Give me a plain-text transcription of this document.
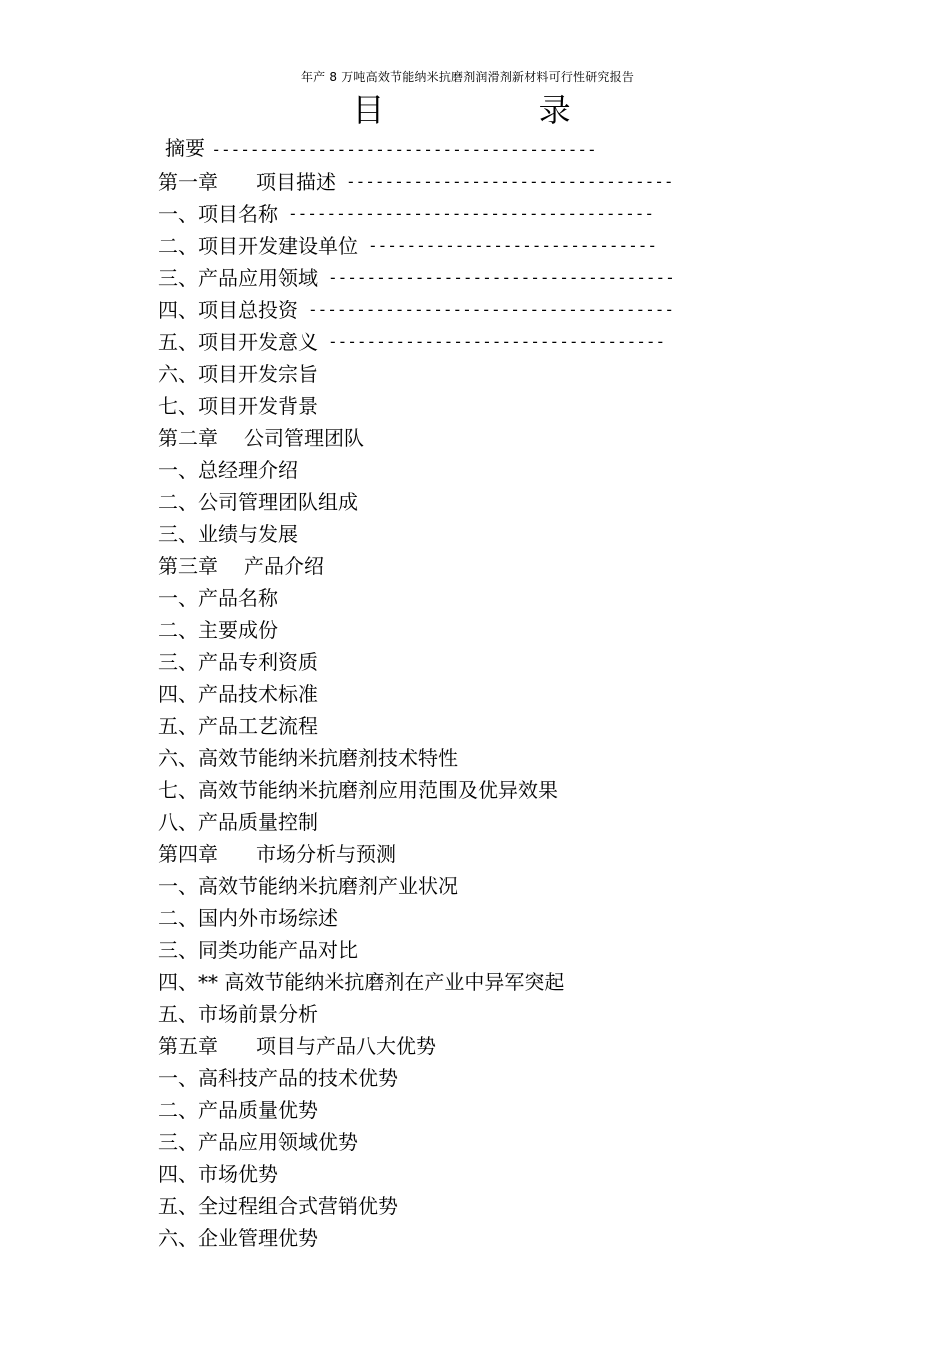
年产 8 万吨高效节能纳米抗磨剂润滑剂新材料可行性研究报告
目 录
摘要 ----------------------------------------
第一章 项目描述 ----------------------------------
一、项目名称 --------------------------------------
二、项目开发建设单位 ------------------------------
三、产品应用领域 ------------------------------------
四、项目总投资 --------------------------------------
五、项目开发意义 -----------------------------------
六、项目开发宗旨
七、项目开发背景
第二章 公司管理团队
一、总经理介绍
二、公司管理团队组成
三、业绩与发展
第三章 产品介绍
一、产品名称
二、主要成份
三、产品专利资质
四、产品技术标准
五、产品工艺流程
六、高效节能纳米抗磨剂技术特性
七、高效节能纳米抗磨剂应用范围及优异效果
八、产品质量控制
第四章 市场分析与预测
一、高效节能纳米抗磨剂产业状况
二、国内外市场综述
三、同类功能产品对比
四、** 高效节能纳米抗磨剂在产业中异军突起
五、市场前景分析
第五章 项目与产品八大优势
一、高科技产品的技术优势
二、产品质量优势
三、产品应用领域优势
四、市场优势
五、全过程组合式营销优势
六、企业管理优势
